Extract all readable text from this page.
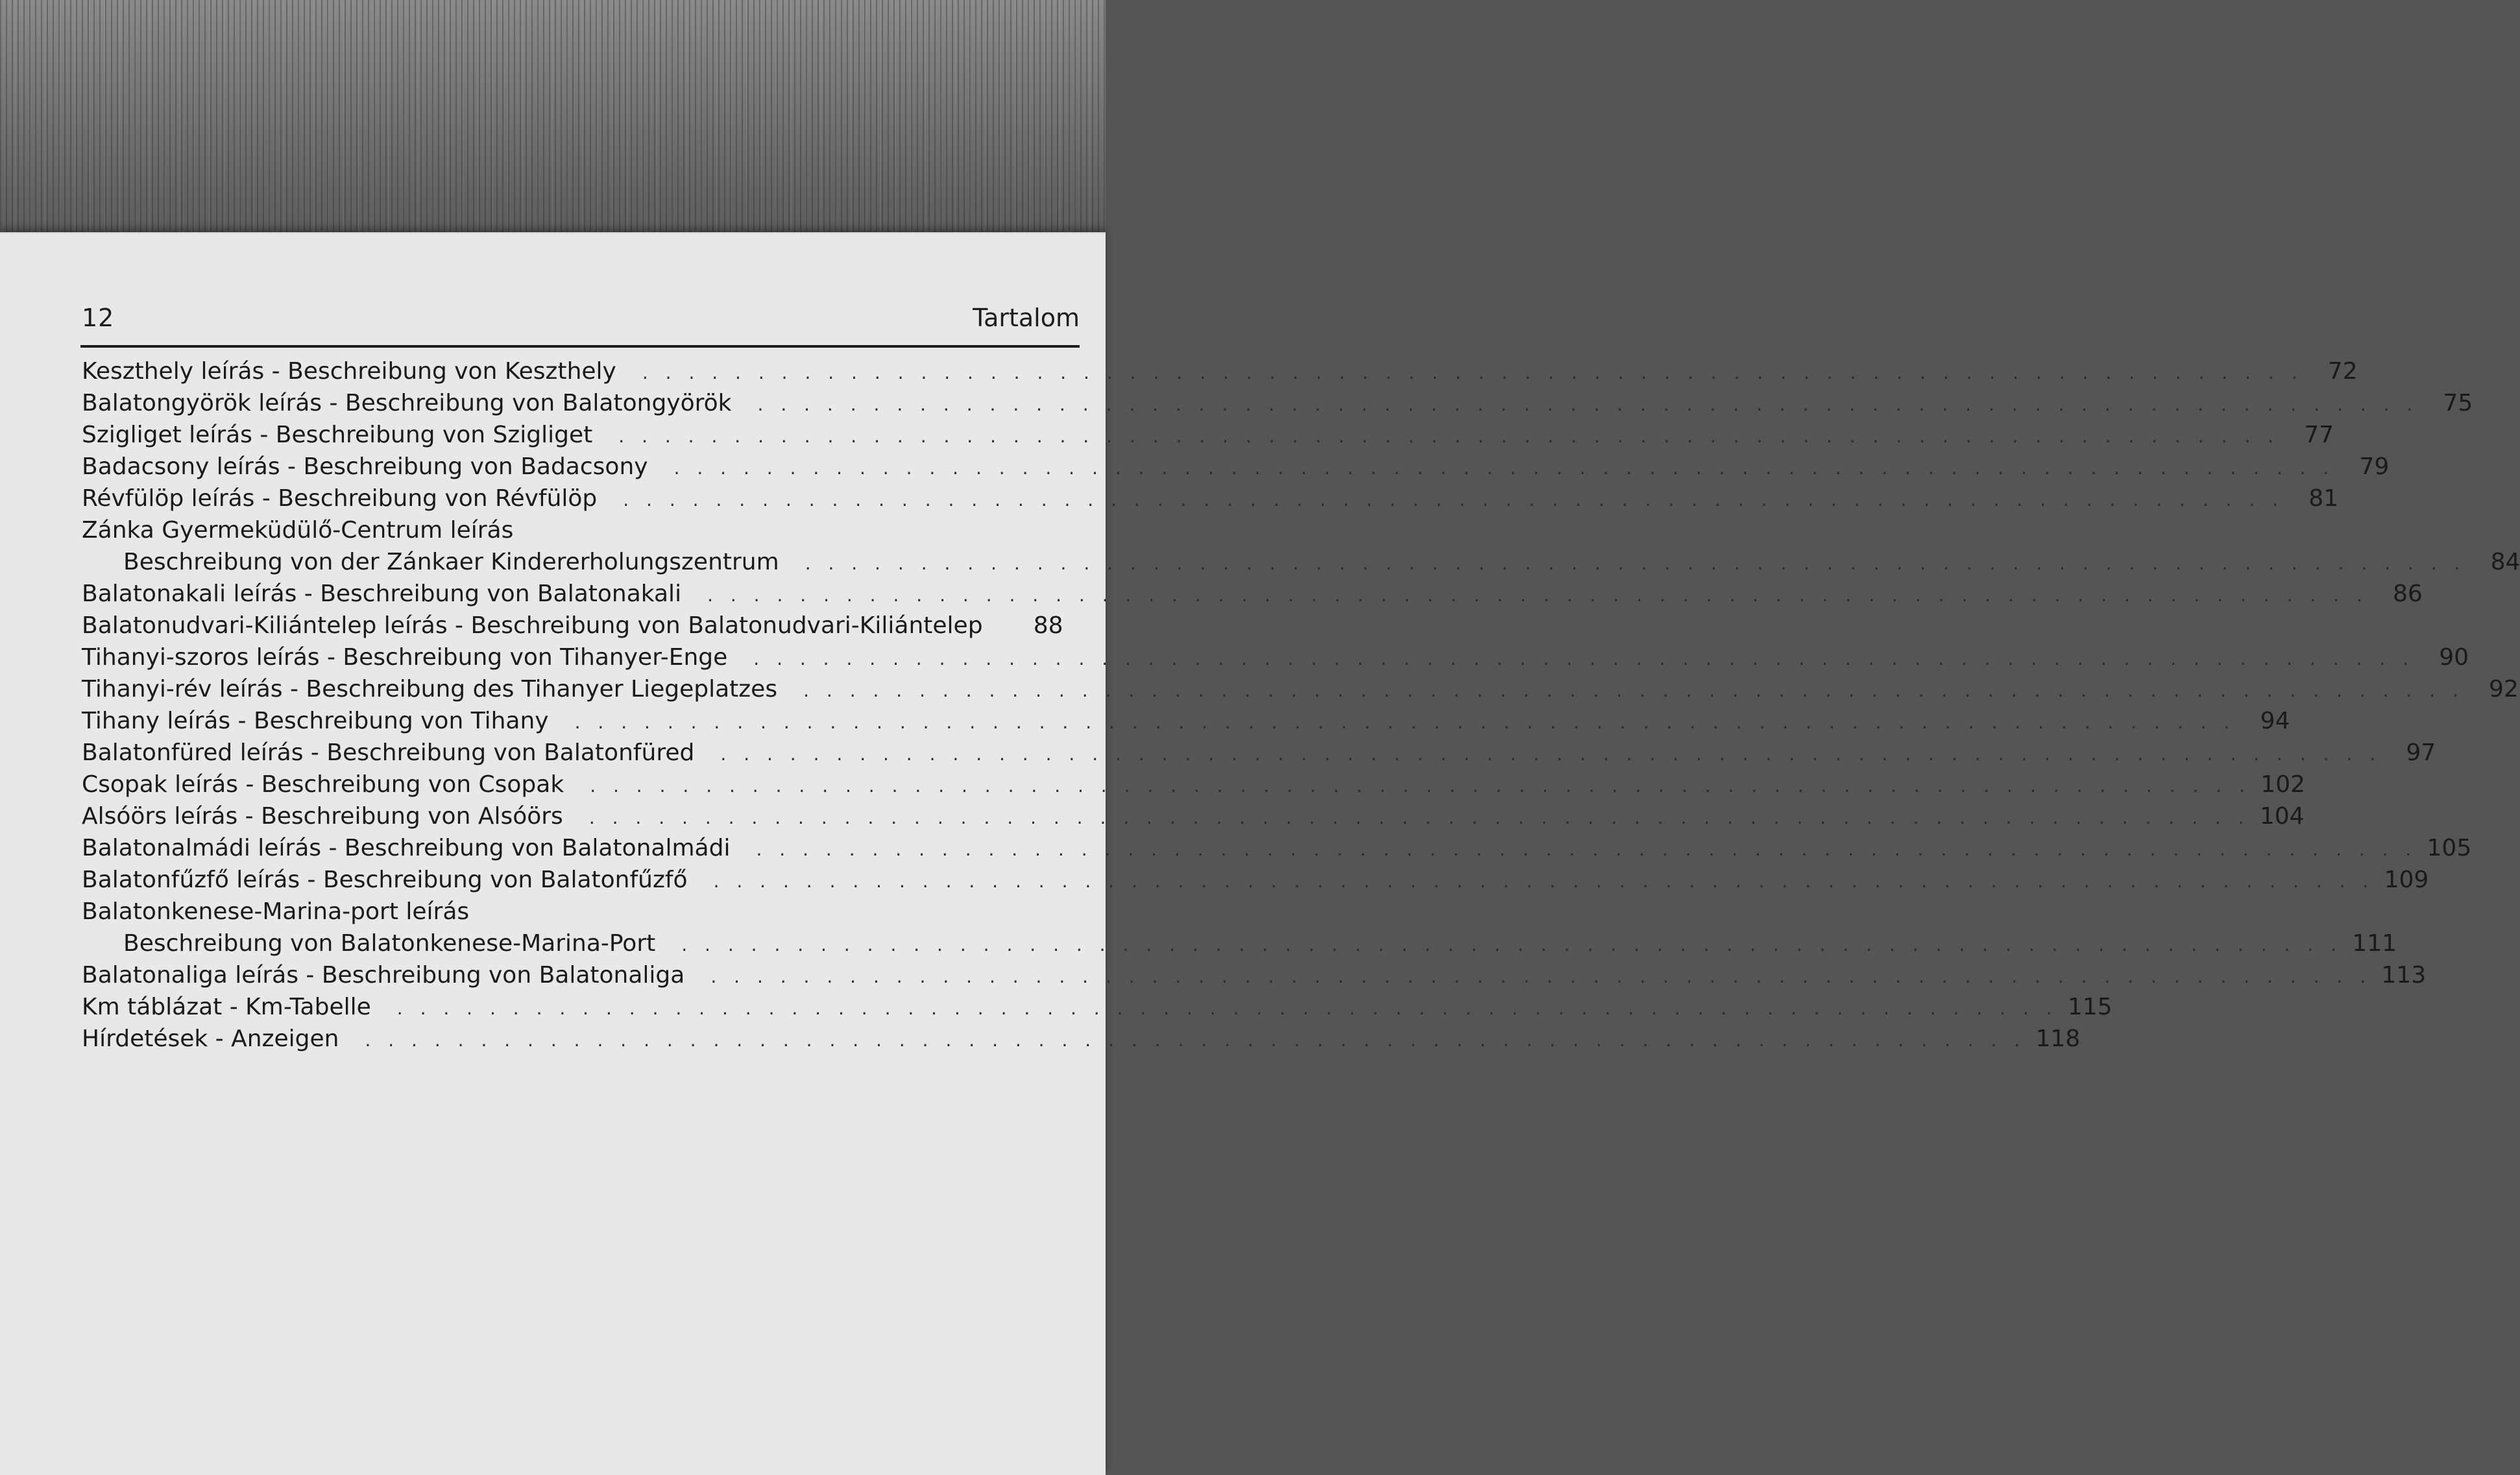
12	Tartalom
Keszthely leírás - Beschreibung von Keszthely . . . . . . . . . . . . . . . . . . . . . . . . . . . . . . . . . . . . . . . . . . . . . . . . . . . . . . . . . . . . . . . . . . . . . . . .	72
Balatongyörök leírás - Beschreibung von Balatongyörök . . . . . . . . . . . . . . . . . . . . . . . . . . . . . . . . . . . . . . . . . . . . . . . . . . . . . . . . . . . . . . . . . . . . . . . .	75
Szigliget leírás - Beschreibung von Szigliget . . . . . . . . . . . . . . . . . . . . . . . . . . . . . . . . . . . . . . . . . . . . . . . . . . . . . . . . . . . . . . . . . . . . . . . .	77
Badacsony leírás - Beschreibung von Badacsony . . . . . . . . . . . . . . . . . . . . . . . . . . . . . . . . . . . . . . . . . . . . . . . . . . . . . . . . . . . . . . . . . . . . . . . .	79
Révfülöp leírás - Beschreibung von Révfülöp . . . . . . . . . . . . . . . . . . . . . . . . . . . . . . . . . . . . . . . . . . . . . . . . . . . . . . . . . . . . . . . . . . . . . . . .	81
Zánka Gyermeküdülő-Centrum leírás
Beschreibung von der Zánkaer Kindererholungszentrum . . . . . . . . . . . . . . . . . . . . . . . . . . . . . . . . . . . . . . . . . . . . . . . . . . . . . . . . . . . . . . . . . . . . . . . .	84
Balatonakali leírás - Beschreibung von Balatonakali . . . . . . . . . . . . . . . . . . . . . . . . . . . . . . . . . . . . . . . . . . . . . . . . . . . . . . . . . . . . . . . . . . . . . . . .	86
Balatonudvari-Kiliántelep leírás - Beschreibung von Balatonudvari-Kiliántelep	88
Tihanyi-szoros leírás - Beschreibung von Tihanyer-Enge . . . . . . . . . . . . . . . . . . . . . . . . . . . . . . . . . . . . . . . . . . . . . . . . . . . . . . . . . . . . . . . . . . . . . . . .	90
Tihanyi-rév leírás - Beschreibung des Tihanyer Liegeplatzes . . . . . . . . . . . . . . . . . . . . . . . . . . . . . . . . . . . . . . . . . . . . . . . . . . . . . . . . . . . . . . . . . . . . . . . .	92
Tihany leírás - Beschreibung von Tihany . . . . . . . . . . . . . . . . . . . . . . . . . . . . . . . . . . . . . . . . . . . . . . . . . . . . . . . . . . . . . . . . . . . . . . . .	94
Balatonfüred leírás - Beschreibung von Balatonfüred . . . . . . . . . . . . . . . . . . . . . . . . . . . . . . . . . . . . . . . . . . . . . . . . . . . . . . . . . . . . . . . . . . . . . . . .	97
Csopak leírás - Beschreibung von Csopak . . . . . . . . . . . . . . . . . . . . . . . . . . . . . . . . . . . . . . . . . . . . . . . . . . . . . . . . . . . . . . . . . . . . . . . . 102
Alsóörs leírás - Beschreibung von Alsóörs . . . . . . . . . . . . . . . . . . . . . . . . . . . . . . . . . . . . . . . . . . . . . . . . . . . . . . . . . . . . . . . . . . . . . . . . 104
Balatonalmádi leírás - Beschreibung von Balatonalmádi . . . . . . . . . . . . . . . . . . . . . . . . . . . . . . . . . . . . . . . . . . . . . . . . . . . . . . . . . . . . . . . . . . . . . . . . 105
Balatonfűzfő leírás - Beschreibung von Balatonfűzfő . . . . . . . . . . . . . . . . . . . . . . . . . . . . . . . . . . . . . . . . . . . . . . . . . . . . . . . . . . . . . . . . . . . . . . . . 109
Balatonkenese-Marina-port leírás
Beschreibung von Balatonkenese-Marina-Port . . . . . . . . . . . . . . . . . . . . . . . . . . . . . . . . . . . . . . . . . . . . . . . . . . . . . . . . . . . . . . . . . . . . . . . . 111
Balatonaliga leírás - Beschreibung von Balatonaliga . . . . . . . . . . . . . . . . . . . . . . . . . . . . . . . . . . . . . . . . . . . . . . . . . . . . . . . . . . . . . . . . . . . . . . . . 113
Km táblázat - Km-Tabelle . . . . . . . . . . . . . . . . . . . . . . . . . . . . . . . . . . . . . . . . . . . . . . . . . . . . . . . . . . . . . . . . . . . . . . . . 115
Hírdetések - Anzeigen . . . . . . . . . . . . . . . . . . . . . . . . . . . . . . . . . . . . . . . . . . . . . . . . . . . . . . . . . . . . . . . . . . . . . . . . 118
